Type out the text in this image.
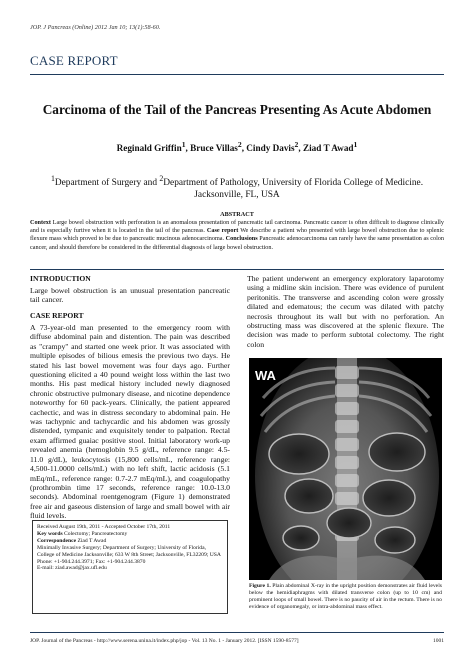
JOP. J Pancreas (Online) 2012 Jan 10; 13(1):58-60.
CASE REPORT
Carcinoma of the Tail of the Pancreas Presenting As Acute Abdomen
Reginald Griffin$^1$, Bruce Villas$^2$, Cindy Davis$^2$, Ziad T Awad$^1$
$^1$Department of Surgery and $^2$Department of Pathology, University of Florida College of Medicine.
Jacksonville, FL, USA
ABSTRACT
Context Large bowel obstruction with perforation is an anomalous presentation of pancreatic tail carcinoma. Pancreatic cancer is often difficult to diagnose clinically and is especially furtive when it is located in the tail of the pancreas. Case report We describe a patient who presented with large bowel obstruction due to splenic flexure mass which proved to be due to pancreatic mucinous adenocarcinoma. Conclusions Pancreatic adenocarcinoma can rarely have the same presentation as colon cancer, and should therefore be considered in the differential diagnosis of large bowel obstruction.
INTRODUCTION
Large bowel obstruction is an unusual presentation pancreatic tail cancer.
CASE REPORT
A 73-year-old man presented to the emergency room with diffuse abdominal pain and distention. The pain was described as "crampy" and started one week prior. It was associated with multiple episodes of bilious emesis the previous two days. He stated his last bowel movement was four days ago. Further questioning elicited a 40 pound weight loss within the last two months. His past medical history included newly diagnosed chronic obstructive pulmonary disease, and nicotine dependence noteworthy for 60 pack-years. Clinically, the patient appeared cachectic, and was in distress secondary to abdominal pain. He was tachypnic and tachycardic and his abdomen was grossly distended, tympanic and exquisitely tender to palpation. Rectal exam affirmed guaiac positive stool. Initial laboratory work-up revealed anemia (hemoglobin 9.5 g/dL, reference range: 4.5-11.0 g/dL), leukocytosis (15,800 cells/mL, reference range: 4,500-11.0000 cells/mL) with no left shift, lactic acidosis (5.1 mEq/mL, reference range: 0.7-2.7 mEq/mL), and coagulopathy (prothrombin time 17 seconds, reference range: 10.0-13.0 seconds). Abdominal roentgenogram (Figure 1) demonstrated free air and gaseous distension of large and small bowel with air fluid levels.
Received August 19th, 2011 - Accepted October 17th, 2011
Key words Colectomy; Pancreatectomy
Correspondence Ziad T Awad
Minimally Invasive Surgery; Department of Surgery; University of Florida, College of Medicine Jacksonville; 633 W 8th Street; Jacksonville, FL32209; USA
Phone: +1-904.244.3971; Fax: +1-904.244.3870
E-mail: ziad.awad@jax.ufl.edu
The patient underwent an emergency exploratory laparotomy using a midline skin incision. There was evidence of purulent peritonitis. The transverse and ascending colon were grossly dilated and edematous; the cecum was dilated with patchy necrosis throughout its wall but with no perforation. An obstructing mass was discovered at the splenic flexure. The decision was made to perform subtotal colectomy. The right colon
WA
Figure 1. Plain abdominal X-ray in the upright position demonstrates air fluid levels below the hemidiaphragms with dilated transverse colon (up to 10 cm) and prominent loops of small bowel. There is no paucity of air in the rectum. There is no evidence of organomegaly, or intra-abdominal mass effect.
JOP. Journal of the Pancreas - http://www.serena.unina.it/index.php/jop - Vol. 13 No. 1 - January 2012. [ISSN 1590-8577]	1001
